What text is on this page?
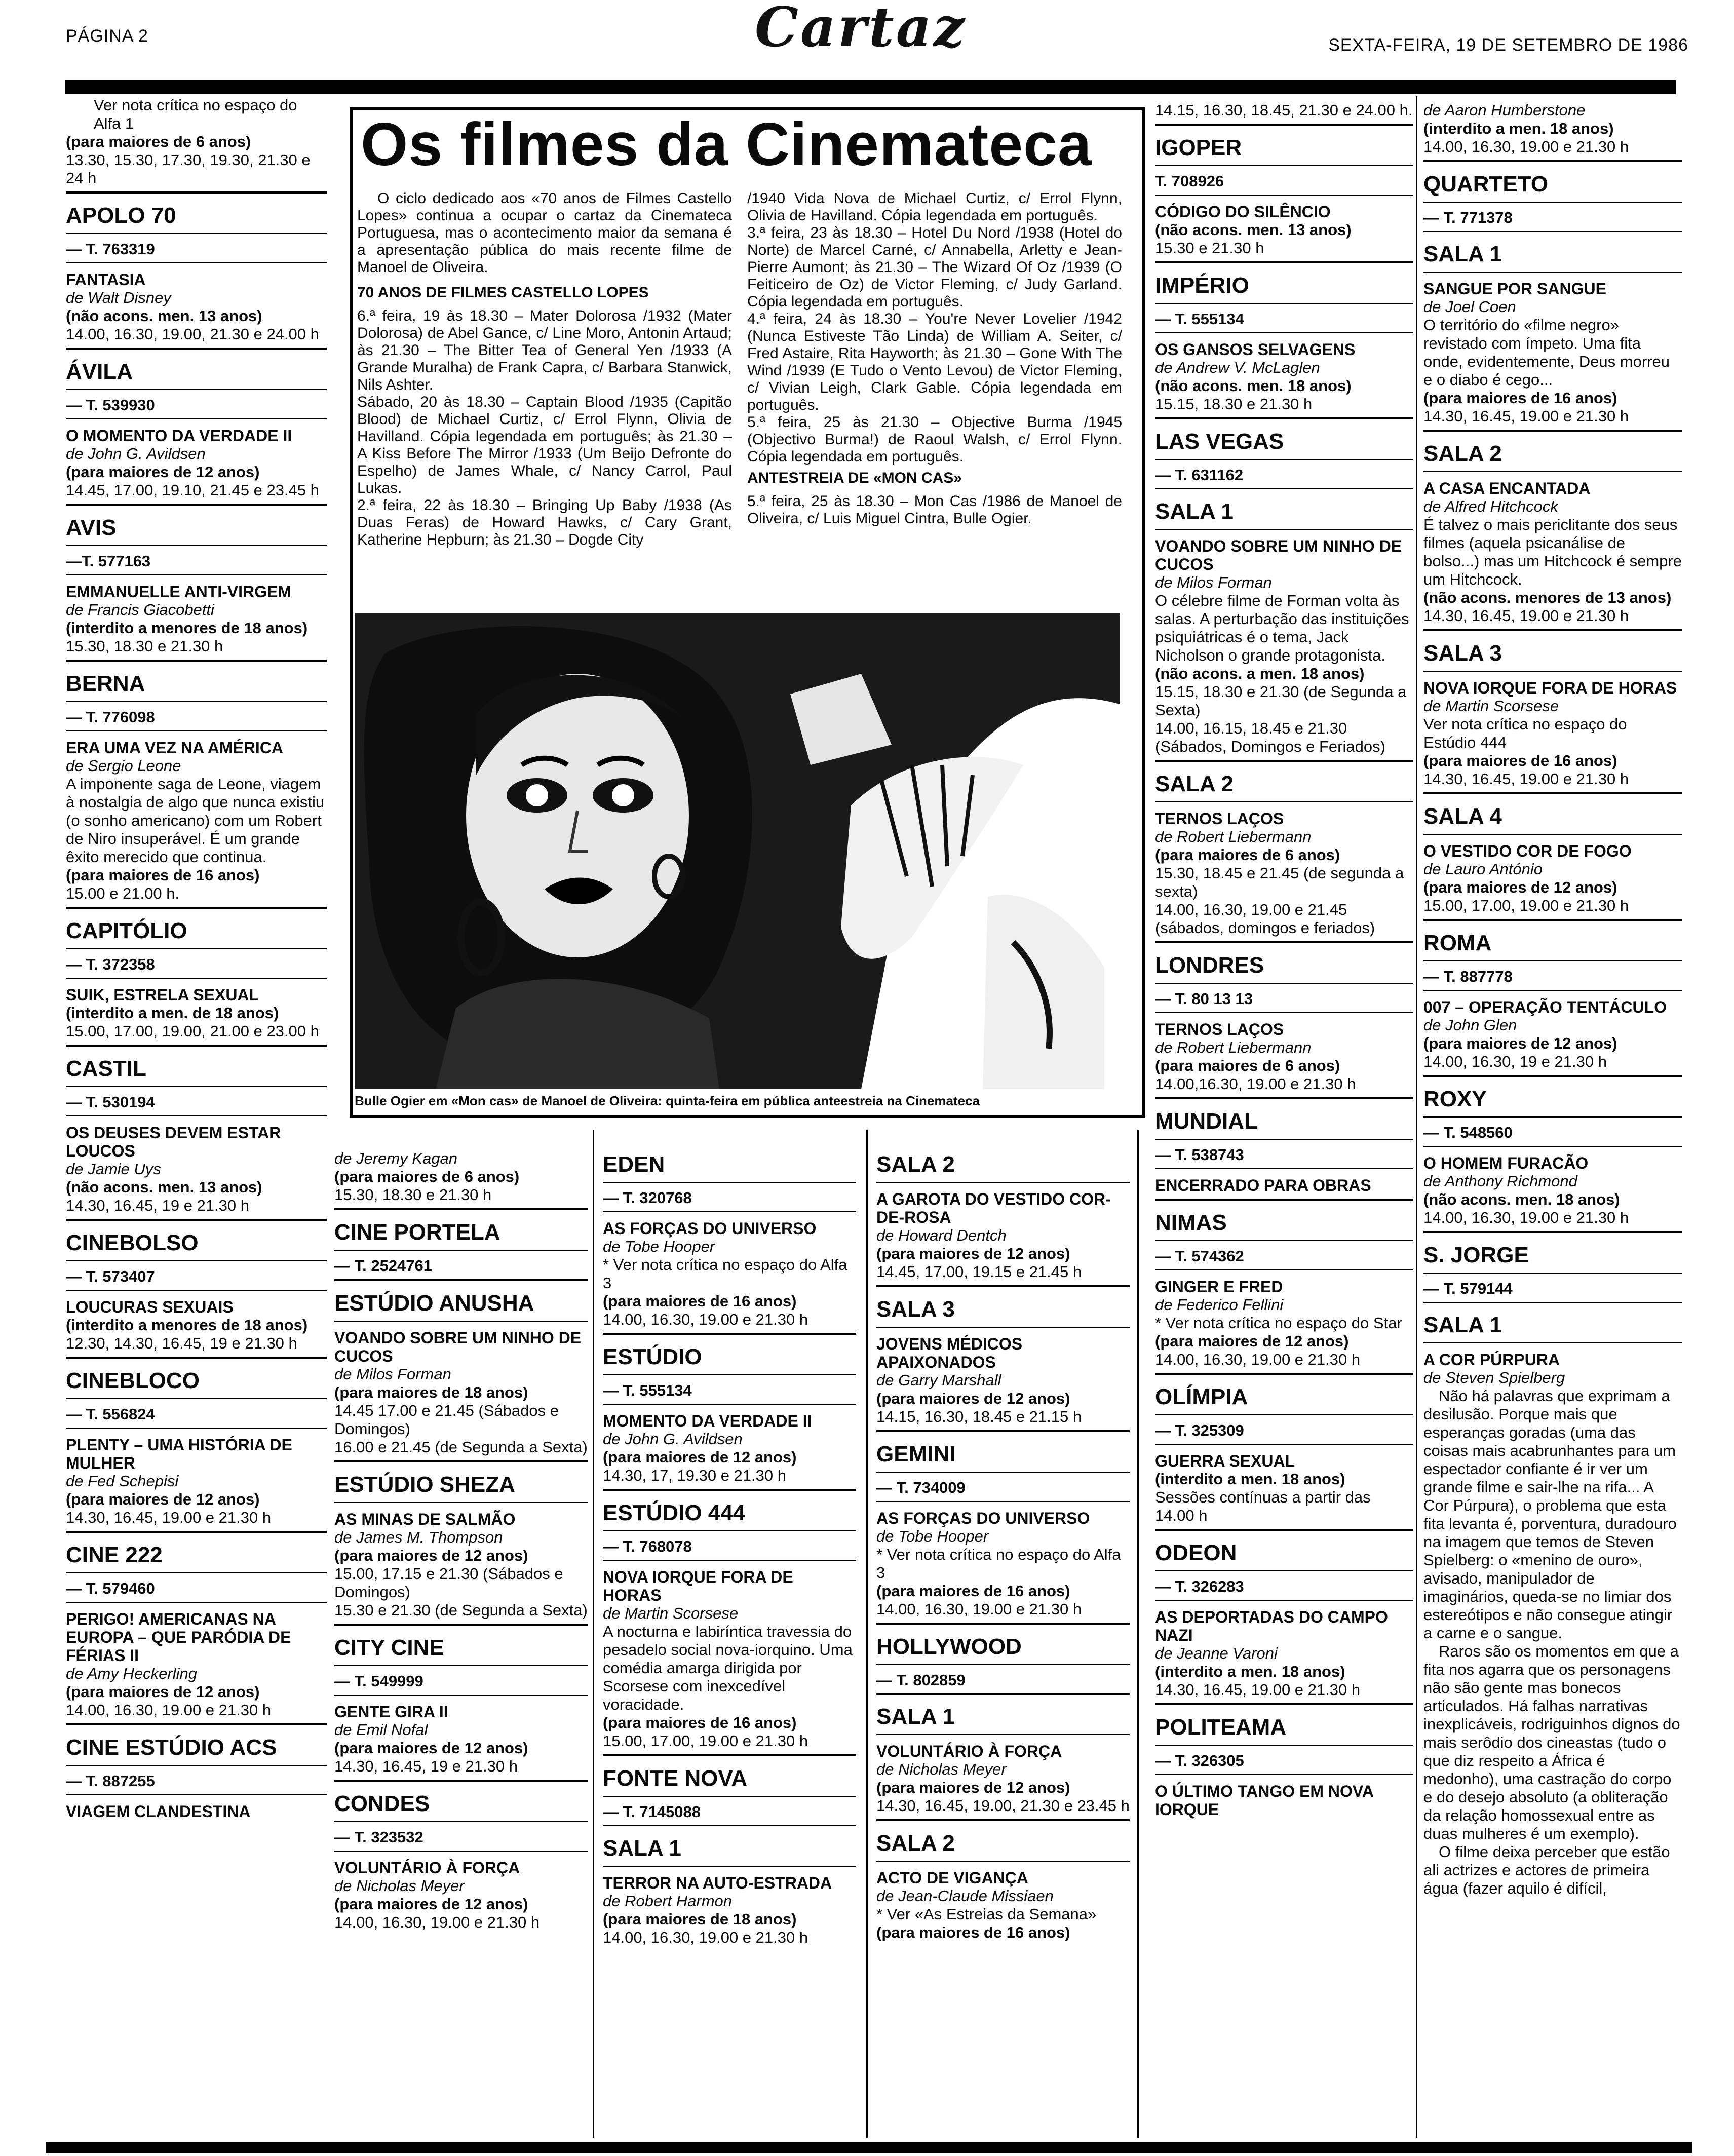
PÁGINA 2	Cartaz	SEXTA-FEIRA, 19 DE SETEMBRO DE 1986
Ver nota crítica no espaço do Alfa 1
(para maiores de 6 anos)
13.30, 15.30, 17.30, 19.30, 21.30 e 24 h
APOLO 70
— T. 763319
FANTASIA
de Walt Disney
(não acons. men. 13 anos)
14.00, 16.30, 19.00, 21.30 e 24.00 h
ÁVILA
— T. 539930
O MOMENTO DA VERDADE II
de John G. Avildsen
(para maiores de 12 anos)
14.45, 17.00, 19.10, 21.45 e 23.45 h
AVIS
—T. 577163
EMMANUELLE ANTI-VIRGEM
de Francis Giacobetti
(interdito a menores de 18 anos)
15.30, 18.30 e 21.30 h
BERNA
— T. 776098
ERA UMA VEZ NA AMÉRICA
de Sergio Leone
A imponente saga de Leone, viagem à nostalgia de algo que nunca existiu (o sonho americano) com um Robert de Niro insuperável. É um grande êxito merecido que continua.
(para maiores de 16 anos)
15.00 e 21.00 h.
CAPITÓLIO
— T. 372358
SUIK, ESTRELA SEXUAL
(interdito a men. de 18 anos)
15.00, 17.00, 19.00, 21.00 e 23.00 h
CASTIL
— T. 530194
OS DEUSES DEVEM ESTAR LOUCOS
de Jamie Uys
(não acons. men. 13 anos)
14.30, 16.45, 19 e 21.30 h
CINEBOLSO
— T. 573407
LOUCURAS SEXUAIS
(interdito a menores de 18 anos)
12.30, 14.30, 16.45, 19 e 21.30 h
CINEBLOCO
— T. 556824
PLENTY – UMA HISTÓRIA DE MULHER
de Fed Schepisi
(para maiores de 12 anos)
14.30, 16.45, 19.00 e 21.30 h
CINE 222
— T. 579460
PERIGO! AMERICANAS NA EUROPA – QUE PARÓDIA DE FÉRIAS II
de Amy Heckerling
(para maiores de 12 anos)
14.00, 16.30, 19.00 e 21.30 h
CINE ESTÚDIO ACS
— T. 887255
VIAGEM CLANDESTINA
Os filmes da Cinemateca

O ciclo dedicado aos «70 anos de Filmes Castello Lopes» continua a ocupar o cartaz da Cinemateca Portuguesa, mas o acontecimento maior da semana é a apresentação pública do mais recente filme de Manoel de Oliveira.

70 ANOS DE FILMES CASTELLO LOPES

6.ª feira, 19 às 18.30 – Mater Dolorosa /1932 (Mater Dolorosa) de Abel Gance, c/ Line Moro, Antonin Artaud; às 21.30 – The Bitter Tea of General Yen /1933 (A Grande Muralha) de Frank Capra, c/ Barbara Stanwick, Nils Ashter.

Sábado, 20 às 18.30 – Captain Blood /1935 (Capitão Blood) de Michael Curtiz, c/ Errol Flynn, Olivia de Havilland. Cópia legendada em português; às 21.30 – A Kiss Before The Mirror /1933 (Um Beijo Defronte do Espelho) de James Whale, c/ Nancy Carrol, Paul Lukas.

2.ª feira, 22 às 18.30 – Bringing Up Baby /1938 (As Duas Feras) de Howard Hawks, c/ Cary Grant, Katherine Hepburn; às 21.30 – Dogde City

/1940 Vida Nova de Michael Curtiz, c/ Errol Flynn, Olivia de Havilland. Cópia legendada em português.

3.ª feira, 23 às 18.30 – Hotel Du Nord /1938 (Hotel do Norte) de Marcel Carné, c/ Annabella, Arletty e Jean-Pierre Aumont; às 21.30 – The Wizard Of Oz /1939 (O Feiticeiro de Oz) de Victor Fleming, c/ Judy Garland. Cópia legendada em português.

4.ª feira, 24 às 18.30 – You're Never Lovelier /1942 (Nunca Estiveste Tão Linda) de William A. Seiter, c/ Fred Astaire, Rita Hayworth; às 21.30 – Gone With The Wind /1939 (E Tudo o Vento Levou) de Victor Fleming, c/ Vivian Leigh, Clark Gable. Cópia legendada em português.

5.ª feira, 25 às 21.30 – Objective Burma /1945 (Objectivo Burma!) de Raoul Walsh, c/ Errol Flynn. Cópia legendada em português.

ANTESTREIA DE «MON CAS»

5.ª feira, 25 às 18.30 – Mon Cas /1986 de Manoel de Oliveira, c/ Luis Miguel Cintra, Bulle Ogier.

Bulle Ogier em «Mon cas» de Manoel de Oliveira: quinta-feira em pública anteestreia na Cinemateca
de Jeremy Kagan
(para maiores de 6 anos)
15.30, 18.30 e 21.30 h
CINE PORTELA
— T. 2524761
ESTÚDIO ANUSHA
VOANDO SOBRE UM NINHO DE CUCOS
de Milos Forman
(para maiores de 18 anos)
14.45 17.00 e 21.45 (Sábados e Domingos)
16.00 e 21.45 (de Segunda a Sexta)
ESTÚDIO SHEZA
AS MINAS DE SALMÃO
de James M. Thompson
(para maiores de 12 anos)
15.00, 17.15 e 21.30 (Sábados e Domingos)
15.30 e 21.30 (de Segunda a Sexta)
CITY CINE
— T. 549999
GENTE GIRA II
de Emil Nofal
(para maiores de 12 anos)
14.30, 16.45, 19 e 21.30 h
CONDES
— T. 323532
VOLUNTÁRIO À FORÇA
de Nicholas Meyer
(para maiores de 12 anos)
14.00, 16.30, 19.00 e 21.30 h
EDEN
— T. 320768
AS FORÇAS DO UNIVERSO
de Tobe Hooper
* Ver nota crítica no espaço do Alfa 3
(para maiores de 16 anos)
14.00, 16.30, 19.00 e 21.30 h
ESTÚDIO
— T. 555134
MOMENTO DA VERDADE II
de John G. Avildsen
(para maiores de 12 anos)
14.30, 17, 19.30 e 21.30 h
ESTÚDIO 444
— T. 768078
NOVA IORQUE FORA DE HORAS
de Martin Scorsese
A nocturna e labiríntica travessia do pesadelo social nova-iorquino. Uma comédia amarga dirigida por Scorsese com inexcedível voracidade.
(para maiores de 16 anos)
15.00, 17.00, 19.00 e 21.30 h
FONTE NOVA
— T. 7145088
SALA 1
TERROR NA AUTO-ESTRADA
de Robert Harmon
(para maiores de 18 anos)
14.00, 16.30, 19.00 e 21.30 h
SALA 2
A GAROTA DO VESTIDO COR-DE-ROSA
de Howard Dentch
(para maiores de 12 anos)
14.45, 17.00, 19.15 e 21.45 h
SALA 3
JOVENS MÉDICOS APAIXONADOS
de Garry Marshall
(para maiores de 12 anos)
14.15, 16.30, 18.45 e 21.15 h
GEMINI
— T. 734009
AS FORÇAS DO UNIVERSO
de Tobe Hooper
* Ver nota crítica no espaço do Alfa 3
(para maiores de 16 anos)
14.00, 16.30, 19.00 e 21.30 h
HOLLYWOOD
— T. 802859
SALA 1
VOLUNTÁRIO À FORÇA
de Nicholas Meyer
(para maiores de 12 anos)
14.30, 16.45, 19.00, 21.30 e 23.45 h
SALA 2
ACTO DE VIGANÇA
de Jean-Claude Missiaen
* Ver «As Estreias da Semana»
(para maiores de 16 anos)
14.15, 16.30, 18.45, 21.30 e 24.00 h.
IGOPER
T. 708926
CÓDIGO DO SILÊNCIO
(não acons. men. 13 anos)
15.30 e 21.30 h
IMPÉRIO
— T. 555134
OS GANSOS SELVAGENS
de Andrew V. McLaglen
(não acons. men. 18 anos)
15.15, 18.30 e 21.30 h
LAS VEGAS
— T. 631162
SALA 1
VOANDO SOBRE UM NINHO DE CUCOS
de Milos Forman
O célebre filme de Forman volta às salas. A perturbação das instituições psiquiátricas é o tema, Jack Nicholson o grande protagonista.
(não acons. a men. 18 anos)
15.15, 18.30 e 21.30 (de Segunda a Sexta)
14.00, 16.15, 18.45 e 21.30 (Sábados, Domingos e Feriados)
SALA 2
TERNOS LAÇOS
de Robert Liebermann
(para maiores de 6 anos)
15.30, 18.45 e 21.45 (de segunda a sexta)
14.00, 16.30, 19.00 e 21.45 (sábados, domingos e feriados)
LONDRES
— T. 80 13 13
TERNOS LAÇOS
de Robert Liebermann
(para maiores de 6 anos)
14.00,16.30, 19.00 e 21.30 h
MUNDIAL
— T. 538743
ENCERRADO PARA OBRAS
NIMAS
— T. 574362
GINGER E FRED
de Federico Fellini
* Ver nota crítica no espaço do Star
(para maiores de 12 anos)
14.00, 16.30, 19.00 e 21.30 h
OLÍMPIA
— T. 325309
GUERRA SEXUAL
(interdito a men. 18 anos)
Sessões contínuas a partir das 14.00 h
ODEON
— T. 326283
AS DEPORTADAS DO CAMPO NAZI
de Jeanne Varoni
(interdito a men. 18 anos)
14.30, 16.45, 19.00 e 21.30 h
POLITEAMA
— T. 326305
O ÚLTIMO TANGO EM NOVA IORQUE
de Aaron Humberstone
(interdito a men. 18 anos)
14.00, 16.30, 19.00 e 21.30 h
QUARTETO
— T. 771378
SALA 1
SANGUE POR SANGUE
de Joel Coen
O território do «filme negro» revistado com ímpeto. Uma fita onde, evidentemente, Deus morreu e o diabo é cego...
(para maiores de 16 anos)
14.30, 16.45, 19.00 e 21.30 h
SALA 2
A CASA ENCANTADA
de Alfred Hitchcock
É talvez o mais periclitante dos seus filmes (aquela psicanálise de bolso...) mas um Hitchcock é sempre um Hitchcock.
(não acons. menores de 13 anos)
14.30, 16.45, 19.00 e 21.30 h
SALA 3
NOVA IORQUE FORA DE HORAS
de Martin Scorsese
Ver nota crítica no espaço do Estúdio 444
(para maiores de 16 anos)
14.30, 16.45, 19.00 e 21.30 h
SALA 4
O VESTIDO COR DE FOGO
de Lauro António
(para maiores de 12 anos)
15.00, 17.00, 19.00 e 21.30 h
ROMA
— T. 887778
007 – OPERAÇÃO TENTÁCULO
de John Glen
(para maiores de 12 anos)
14.00, 16.30, 19 e 21.30 h
ROXY
— T. 548560
O HOMEM FURACÃO
de Anthony Richmond
(não acons. men. 18 anos)
14.00, 16.30, 19.00 e 21.30 h
S. JORGE
— T. 579144
SALA 1
A COR PÚRPURA
de Steven Spielberg
Não há palavras que exprimam a desilusão. Porque mais que esperanças goradas (uma das coisas mais acabrunhantes para um espectador confiante é ir ver um grande filme e sair-lhe na rifa... A Cor Púrpura), o problema que esta fita levanta é, porventura, duradouro na imagem que temos de Steven Spielberg: o «menino de ouro», avisado, manipulador de imaginários, queda-se no limiar dos estereótipos e não consegue atingir a carne e o sangue.
Raros são os momentos em que a fita nos agarra que os personagens não são gente mas bonecos articulados. Há falhas narrativas inexplicáveis, rodriguinhos dignos do mais serôdio dos cineastas (tudo o que diz respeito a África é medonho), uma castração do corpo e do desejo absoluto (a obliteração da relação homossexual entre as duas mulheres é um exemplo).
O filme deixa perceber que estão ali actrizes e actores de primeira água (fazer aquilo é difícil,
